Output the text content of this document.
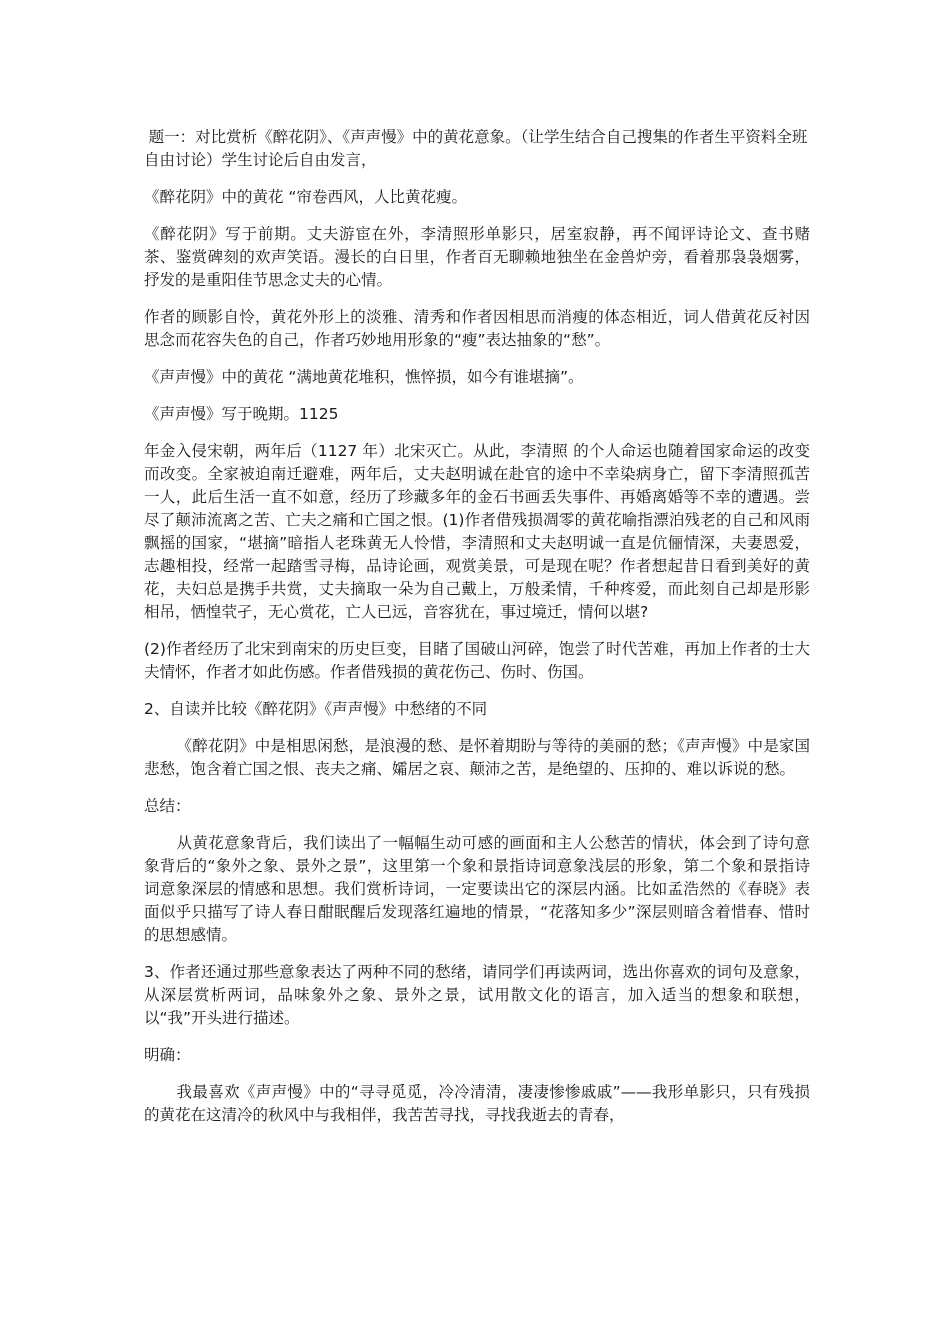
题一：对比赏析《醉花阴》、《声声慢》中的黄花意象。（让学生结合自己搜集的作者生平资料全班自由讨论）学生讨论后自由发言，

《醉花阴》中的黄花 “帘卷西风，人比黄花瘦。

《醉花阴》写于前期。丈夫游宦在外，李清照形单影只，居室寂静，再不闻评诗论文、查书赌茶、鉴赏碑刻的欢声笑语。漫长的白日里，作者百无聊赖地独坐在金兽炉旁，看着那袅袅烟雾，抒发的是重阳佳节思念丈夫的心情。

作者的顾影自怜，黄花外形上的淡雅、清秀和作者因相思而消瘦的体态相近，词人借黄花反衬因思念而花容失色的自己，作者巧妙地用形象的“瘦”表达抽象的“愁”。

《声声慢》中的黄花 “满地黄花堆积，憔悴损，如今有谁堪摘”。

《声声慢》写于晚期。1125

年金入侵宋朝，两年后（1127 年）北宋灭亡。从此，李清照 的个人命运也随着国家命运的改变而改变。全家被迫南迁避难，两年后，丈夫赵明诚在赴官的途中不幸染病身亡，留下李清照孤苦一人，此后生活一直不如意，经历了珍藏多年的金石书画丢失事件、再婚离婚等不幸的遭遇。尝尽了颠沛流离之苦、亡夫之痛和亡国之恨。(1)作者借残损凋零的黄花喻指漂泊残老的自己和风雨飘摇的国家，“堪摘”暗指人老珠黄无人怜惜，李清照和丈夫赵明诚一直是伉俪情深，夫妻恩爱，志趣相投，经常一起踏雪寻梅，品诗论画，观赏美景，可是现在呢？作者想起昔日看到美好的黄花，夫妇总是携手共赏，丈夫摘取一朵为自己戴上，万般柔情，千种疼爱，而此刻自己却是形影相吊，恓惶茕孑，无心赏花，亡人已远，音容犹在，事过境迁，情何以堪?

(2)作者经历了北宋到南宋的历史巨变，目睹了国破山河碎，饱尝了时代苦难，再加上作者的士大夫情怀，作者才如此伤感。作者借残损的黄花伤己、伤时、伤国。

2、自读并比较《醉花阴》《声声慢》中愁绪的不同

《醉花阴》中是相思闲愁，是浪漫的愁、是怀着期盼与等待的美丽的愁；《声声慢》中是家国悲愁，饱含着亡国之恨、丧夫之痛、孀居之哀、颠沛之苦，是绝望的、压抑的、难以诉说的愁。

总结：

从黄花意象背后，我们读出了一幅幅生动可感的画面和主人公愁苦的情状，体会到了诗句意象背后的“象外之象、景外之景”，这里第一个象和景指诗词意象浅层的形象，第二个象和景指诗词意象深层的情感和思想。我们赏析诗词，一定要读出它的深层内涵。比如孟浩然的《春晓》表面似乎只描写了诗人春日酣眠醒后发现落红遍地的情景，“花落知多少”深层则暗含着惜春、惜时的思想感情。

3、作者还通过那些意象表达了两种不同的愁绪，请同学们再读两词，选出你喜欢的词句及意象，从深层赏析两词，品味象外之象、景外之景，试用散文化的语言，加入适当的想象和联想，以“我”开头进行描述。

明确：

我最喜欢《声声慢》中的“寻寻觅觅，冷冷清清，凄凄惨惨戚戚”——我形单影只，只有残损的黄花在这清冷的秋风中与我相伴，我苦苦寻找，寻找我逝去的青春，
